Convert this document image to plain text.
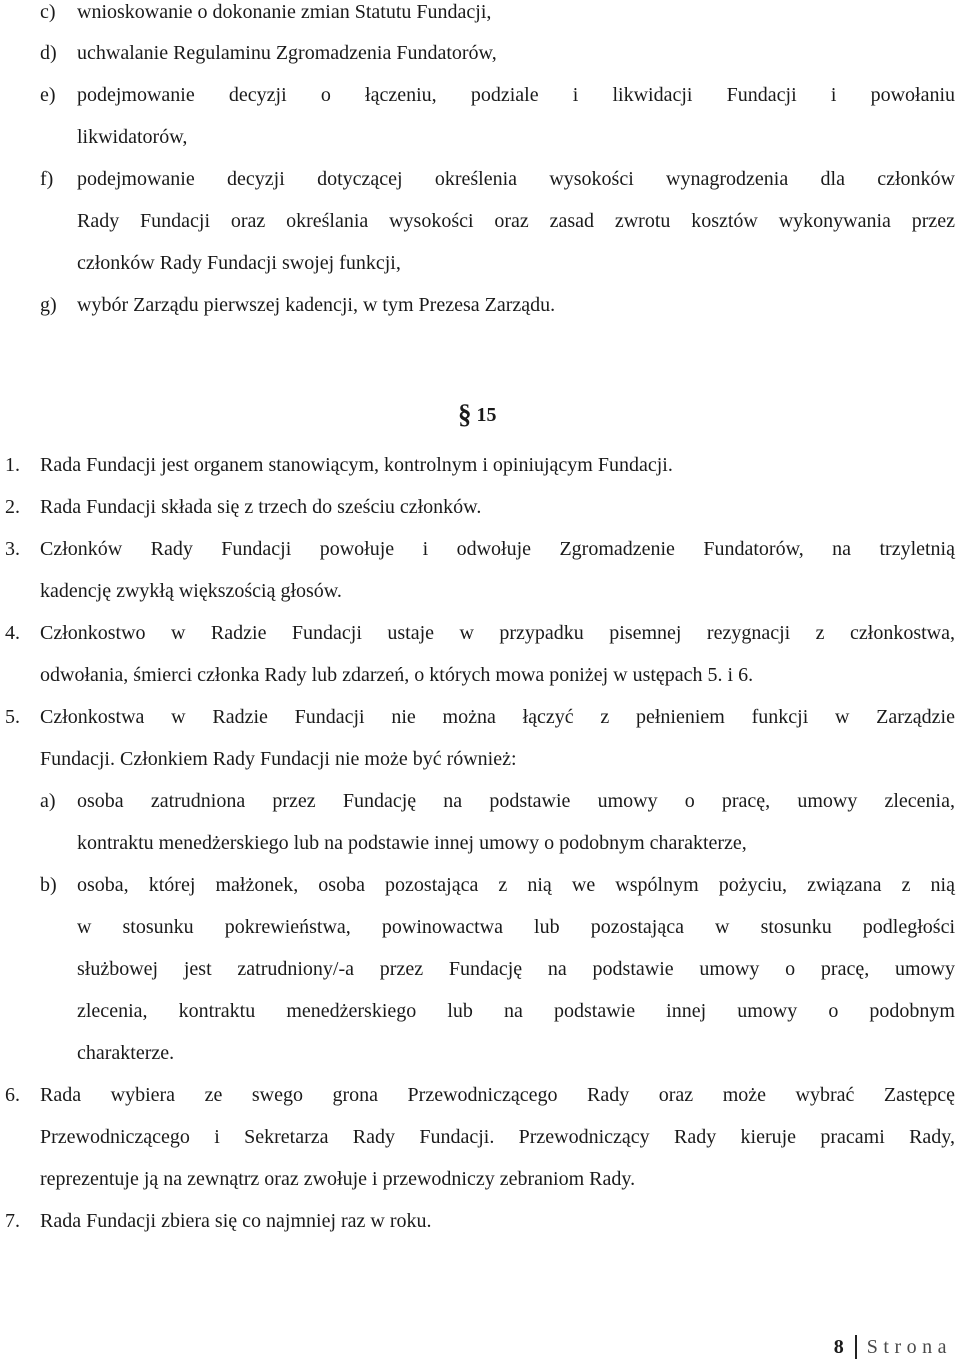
c) wnioskowanie o dokonanie zmian Statutu Fundacji,
d) uchwalanie Regulaminu Zgromadzenia Fundatorów,
e) podejmowanie decyzji o łączeniu, podziale i likwidacji Fundacji i powołaniu
likwidatorów,
f) podejmowanie decyzji dotyczącej określenia wysokości wynagrodzenia dla członków
Rady Fundacji oraz określania wysokości oraz zasad zwrotu kosztów wykonywania przez
członków Rady Fundacji swojej funkcji,
g) wybór Zarządu pierwszej kadencji, w tym Prezesa Zarządu.
§ 15
1. Rada Fundacji jest organem stanowiącym, kontrolnym i opiniującym Fundacji.
2. Rada Fundacji składa się z trzech do sześciu członków.
3. Członków Rady Fundacji powołuje i odwołuje Zgromadzenie Fundatorów, na trzyletnią
kadencję zwykłą większością głosów.
4. Członkostwo w Radzie Fundacji ustaje w przypadku pisemnej rezygnacji z członkostwa,
odwołania, śmierci członka Rady lub zdarzeń, o których mowa poniżej w ustępach 5. i 6.
5. Członkostwa w Radzie Fundacji nie można łączyć z pełnieniem funkcji w Zarządzie
Fundacji. Członkiem Rady Fundacji nie może być również:
a) osoba zatrudniona przez Fundację na podstawie umowy o pracę, umowy zlecenia,
kontraktu menedżerskiego lub na podstawie innej umowy o podobnym charakterze,
b) osoba, której małżonek, osoba pozostająca z nią we wspólnym pożyciu, związana z nią
w stosunku pokrewieństwa, powinowactwa lub pozostająca w stosunku podległości
służbowej jest zatrudniony/-a przez Fundację na podstawie umowy o pracę, umowy
zlecenia, kontraktu menedżerskiego lub na podstawie innej umowy o podobnym
charakterze.
6. Rada wybiera ze swego grona Przewodniczącego Rady oraz może wybrać Zastępcę
Przewodniczącego i Sekretarza Rady Fundacji. Przewodniczący Rady kieruje pracami Rady,
reprezentuje ją na zewnątrz oraz zwołuje i przewodniczy zebraniom Rady.
7. Rada Fundacji zbiera się co najmniej raz w roku.
8 Strona
